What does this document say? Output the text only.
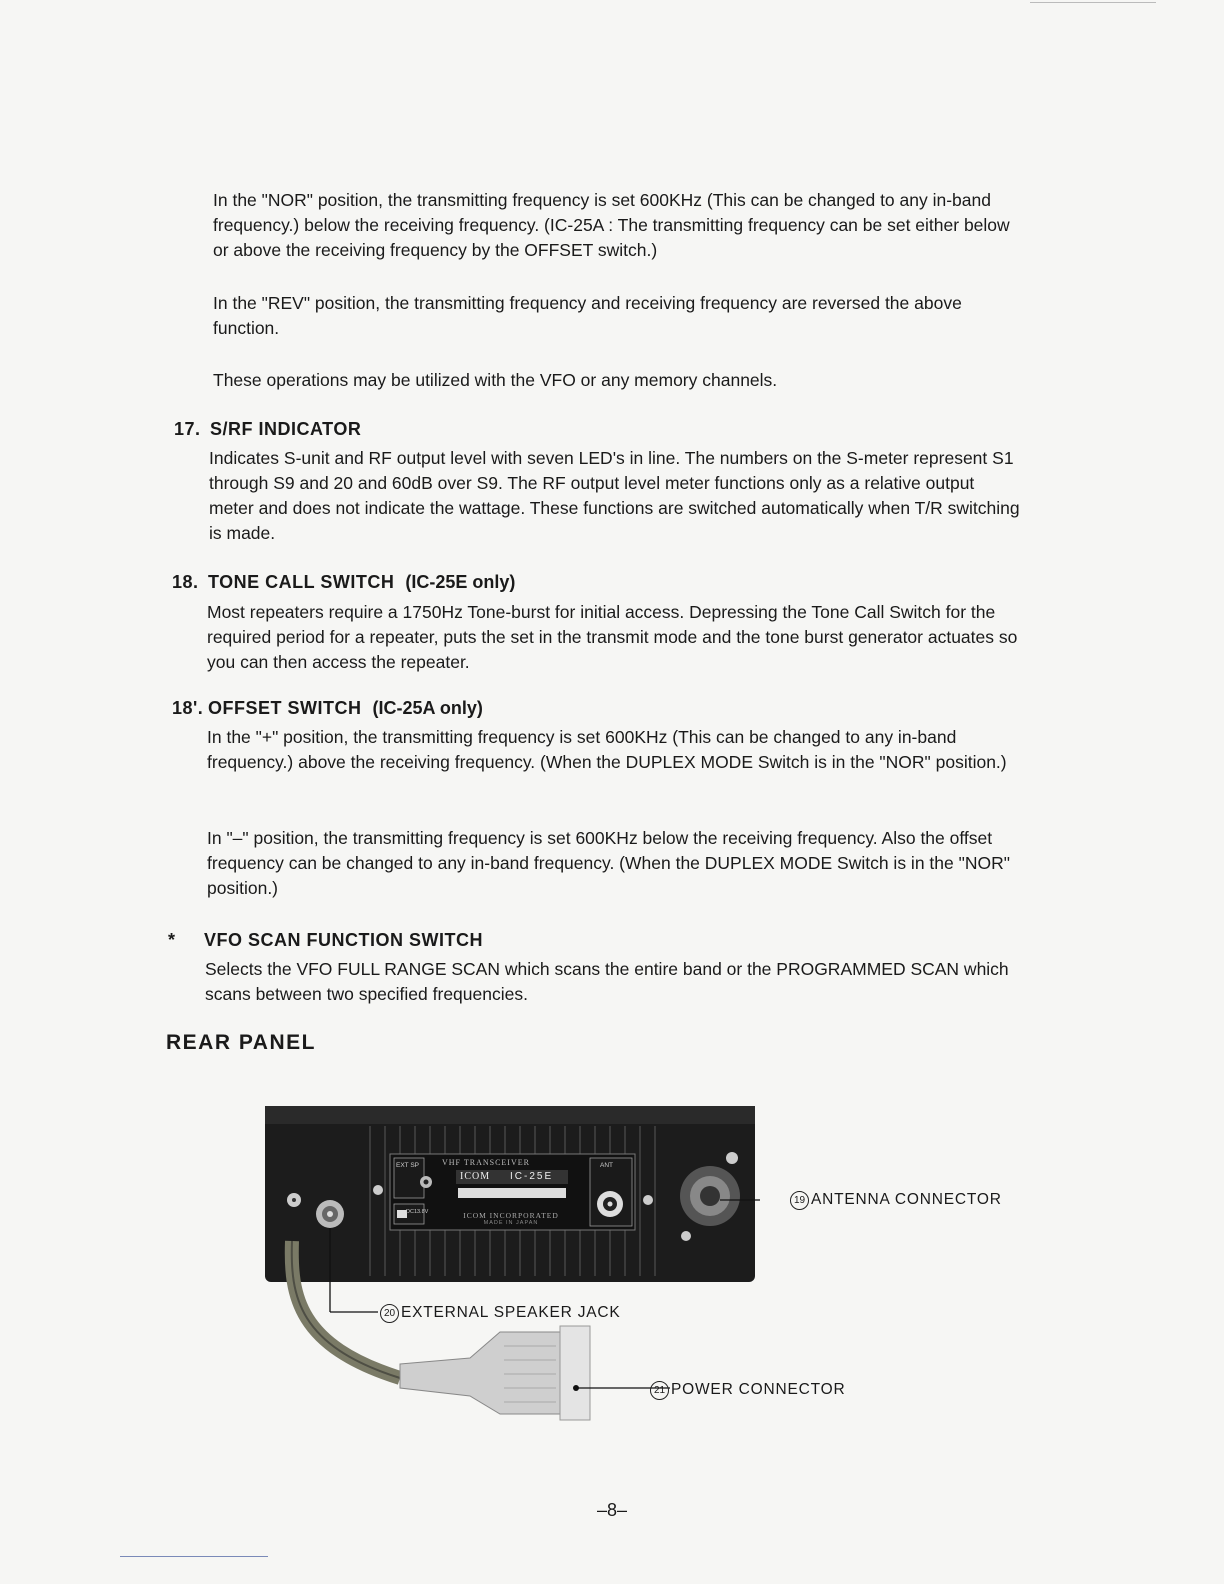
In the "NOR" position, the transmitting frequency is set 600KHz (This can be changed to any in-band frequency.) below the receiving frequency. (IC-25A : The transmitting frequency can be set either below or above the receiving frequency by the OFFSET switch.)

In the "REV" position, the transmitting frequency and receiving frequency are reversed the above function.

These operations may be utilized with the VFO or any memory channels.

17. S/RF INDICATOR

Indicates S-unit and RF output level with seven LED's in line. The numbers on the S-meter represent S1 through S9 and 20 and 60dB over S9. The RF output level meter functions only as a relative output meter and does not indicate the wattage. These functions are switched automatically when T/R switching is made.

18. TONE CALL SWITCH (IC-25E only)

Most repeaters require a 1750Hz Tone-burst for initial access. Depressing the Tone Call Switch for the required period for a repeater, puts the set in the transmit mode and the tone burst generator actuates so you can then access the repeater.

18'. OFFSET SWITCH (IC-25A only)

In the "+" position, the transmitting frequency is set 600KHz (This can be changed to any in-band frequency.) above the receiving frequency. (When the DUPLEX MODE Switch is in the "NOR" position.)

In "–" position, the transmitting frequency is set 600KHz below the receiving frequency. Also the offset frequency can be changed to any in-band frequency. (When the DUPLEX MODE Switch is in the "NOR" position.)

* VFO SCAN FUNCTION SWITCH

Selects the VFO FULL RANGE SCAN which scans the entire band or the PROGRAMMED SCAN which scans between two specified frequencies.

REAR PANEL
VHF TRANSCEIVER
ICOM IC-25E
ICOM INCORPORATED
MADE IN JAPAN
EXT SP
DC13.8V
ANT
19 ANTENNA CONNECTOR
20 EXTERNAL SPEAKER JACK
21 POWER CONNECTOR
–8–
